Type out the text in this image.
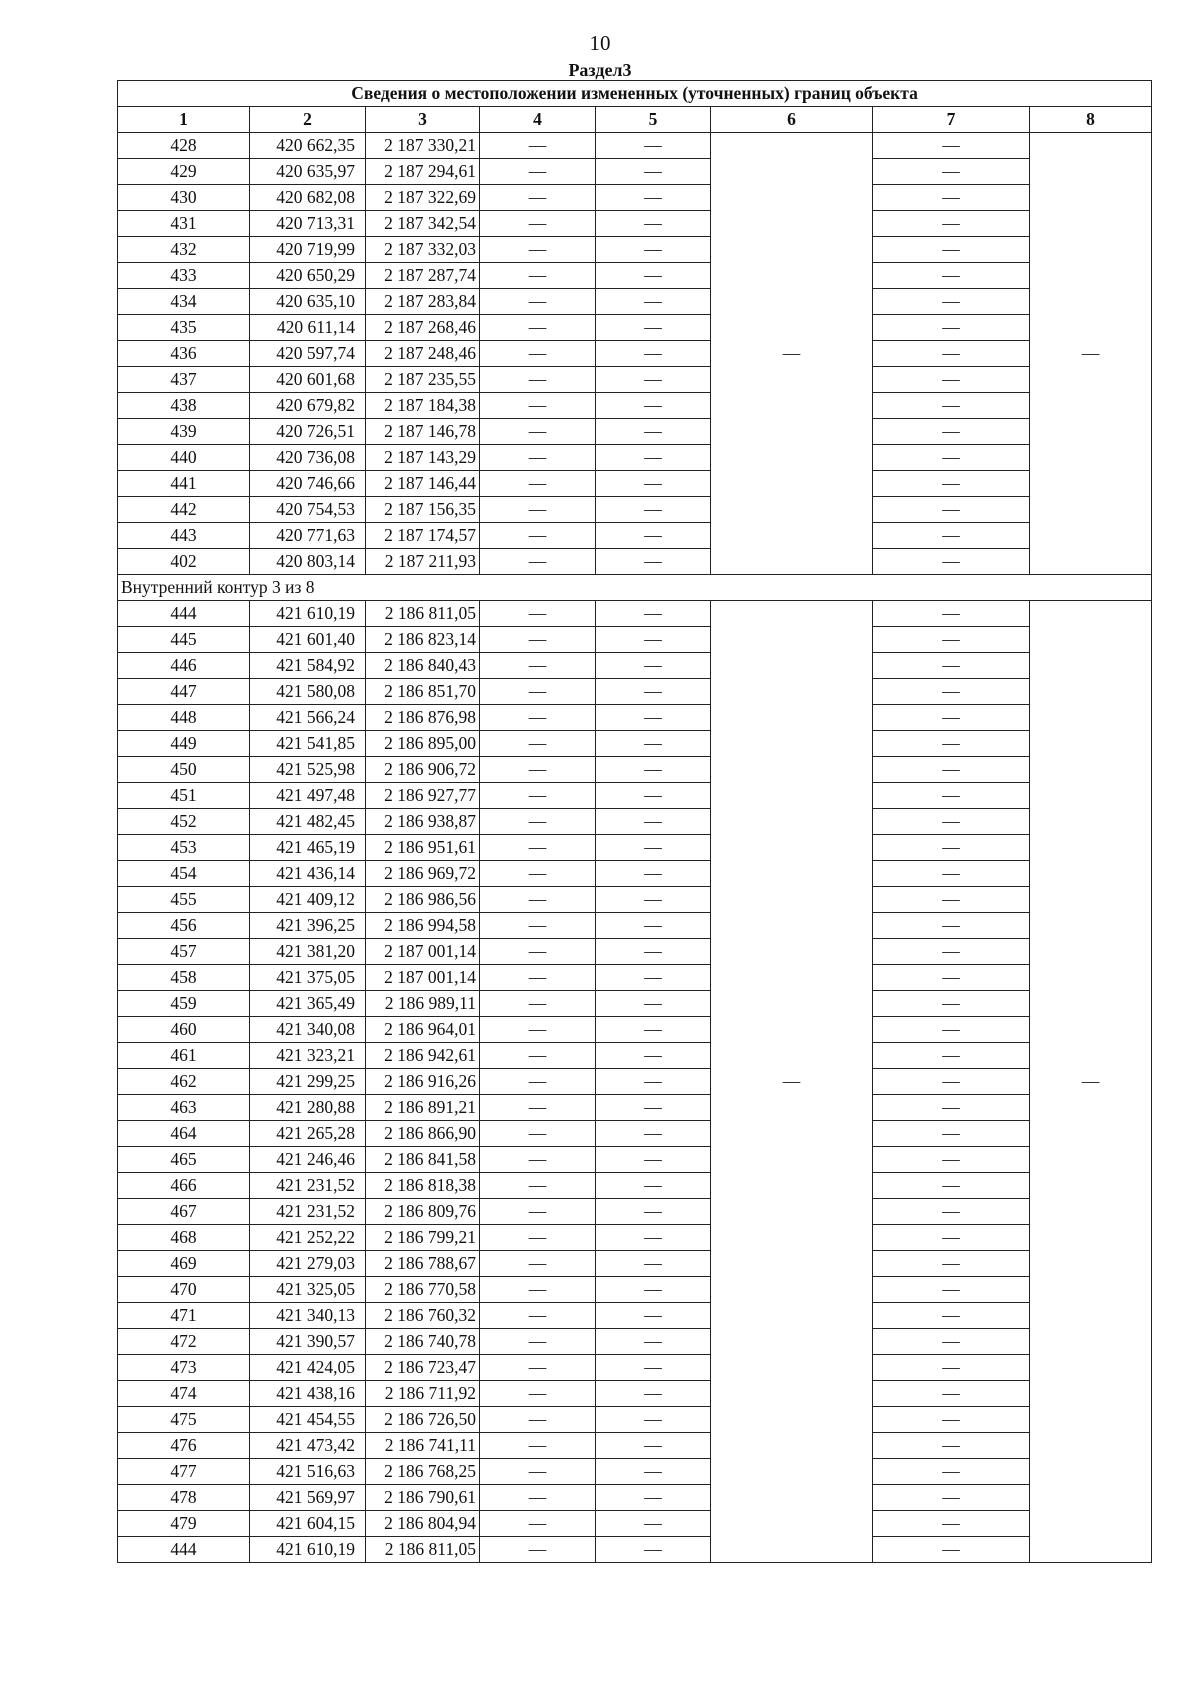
10
Раздел3
Сведения о местоположении измененных (уточненных) границ объекта							
1	2	3	4	5	6	7	8
428	420 662,35	2 187 330,21	—	—	—	—	—
429	420 635,97	2 187 294,61	—	—		—	
430	420 682,08	2 187 322,69	—	—		—	
431	420 713,31	2 187 342,54	—	—		—	
432	420 719,99	2 187 332,03	—	—		—	
433	420 650,29	2 187 287,74	—	—		—	
434	420 635,10	2 187 283,84	—	—		—	
435	420 611,14	2 187 268,46	—	—		—	
436	420 597,74	2 187 248,46	—	—		—	
437	420 601,68	2 187 235,55	—	—		—	
438	420 679,82	2 187 184,38	—	—		—	
439	420 726,51	2 187 146,78	—	—		—	
440	420 736,08	2 187 143,29	—	—		—	
441	420 746,66	2 187 146,44	—	—		—	
442	420 754,53	2 187 156,35	—	—		—	
443	420 771,63	2 187 174,57	—	—		—	
402	420 803,14	2 187 211,93	—	—		—	
Внутренний контур 3 из 8							
444	421 610,19	2 186 811,05	—	—	—	—	—
445	421 601,40	2 186 823,14	—	—		—	
446	421 584,92	2 186 840,43	—	—		—	
447	421 580,08	2 186 851,70	—	—		—	
448	421 566,24	2 186 876,98	—	—		—	
449	421 541,85	2 186 895,00	—	—		—	
450	421 525,98	2 186 906,72	—	—		—	
451	421 497,48	2 186 927,77	—	—		—	
452	421 482,45	2 186 938,87	—	—		—	
453	421 465,19	2 186 951,61	—	—		—	
454	421 436,14	2 186 969,72	—	—		—	
455	421 409,12	2 186 986,56	—	—		—	
456	421 396,25	2 186 994,58	—	—		—	
457	421 381,20	2 187 001,14	—	—		—	
458	421 375,05	2 187 001,14	—	—		—	
459	421 365,49	2 186 989,11	—	—		—	
460	421 340,08	2 186 964,01	—	—		—	
461	421 323,21	2 186 942,61	—	—		—	
462	421 299,25	2 186 916,26	—	—		—	
463	421 280,88	2 186 891,21	—	—		—	
464	421 265,28	2 186 866,90	—	—		—	
465	421 246,46	2 186 841,58	—	—		—	
466	421 231,52	2 186 818,38	—	—		—	
467	421 231,52	2 186 809,76	—	—		—	
468	421 252,22	2 186 799,21	—	—		—	
469	421 279,03	2 186 788,67	—	—		—	
470	421 325,05	2 186 770,58	—	—		—	
471	421 340,13	2 186 760,32	—	—		—	
472	421 390,57	2 186 740,78	—	—		—	
473	421 424,05	2 186 723,47	—	—		—	
474	421 438,16	2 186 711,92	—	—		—	
475	421 454,55	2 186 726,50	—	—		—	
476	421 473,42	2 186 741,11	—	—		—	
477	421 516,63	2 186 768,25	—	—		—	
478	421 569,97	2 186 790,61	—	—		—	
479	421 604,15	2 186 804,94	—	—		—	
444	421 610,19	2 186 811,05	—	—		—	
